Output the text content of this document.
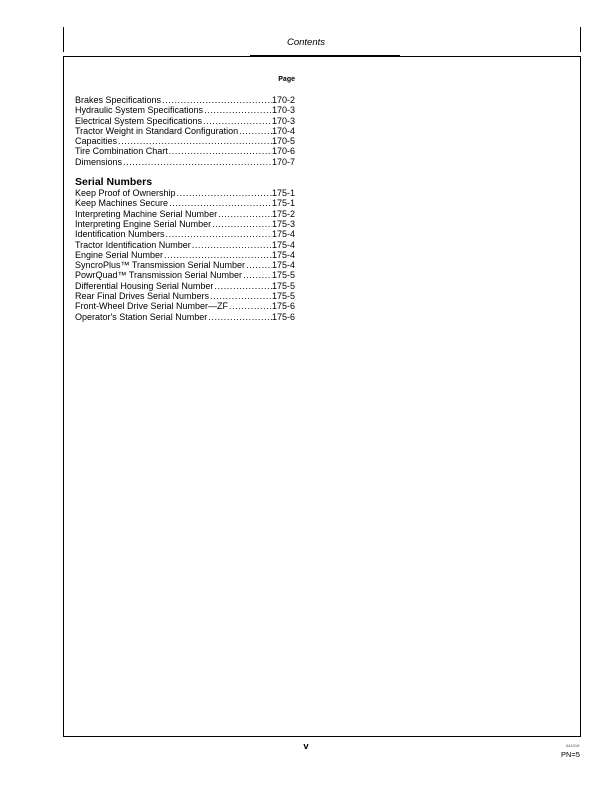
Contents
Page
Brakes Specifications .....	170-2
Hydraulic System Specifications .....	170-3
Electrical System Specifications .....	170-3
Tractor Weight in Standard Configuration .....	170-4
Capacities .....	170-5
Tire Combination Chart .....	170-6
Dimensions .....	170-7
Serial Numbers
Keep Proof of Ownership .....	175-1
Keep Machines Secure .....	175-1
Interpreting Machine Serial Number .....	175-2
Interpreting Engine Serial Number .....	175-3
Identification Numbers .....	175-4
Tractor Identification Number .....	175-4
Engine Serial Number .....	175-4
SyncroPlus™ Transmission Serial Number .....	175-4
PowrQuad™ Transmission Serial Number .....	175-5
Differential Housing Serial Number .....	175-5
Rear Final Drives Serial Numbers .....	175-5
Front-Wheel Drive Serial Number—ZF .....	175-6
Operator's Station Serial Number .....	175-6
v	041019
PN=5
